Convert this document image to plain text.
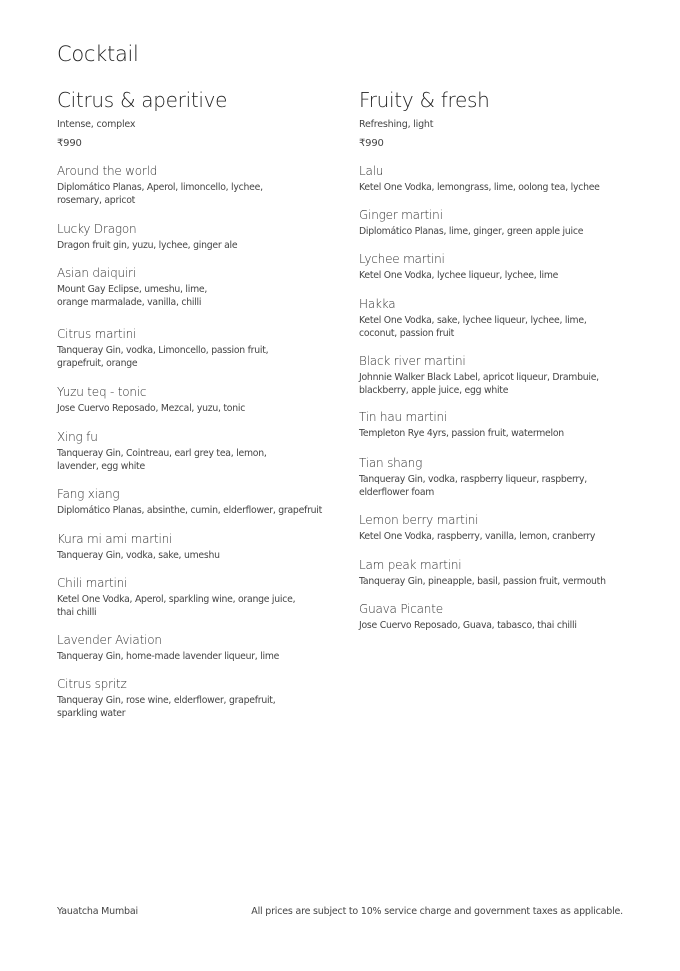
Cocktail
Citrus & aperitive
Intense, complex
₹990
Around the world
Diplomático Planas, Aperol, limoncello, lychee,
rosemary, apricot
Lucky Dragon
Dragon fruit gin, yuzu, lychee, ginger ale
Asian daiquiri
Mount Gay Eclipse, umeshu, lime,
orange marmalade, vanilla, chilli
Citrus martini
Tanqueray Gin, vodka, Limoncello, passion fruit,
grapefruit, orange
Yuzu teq - tonic
Jose Cuervo Reposado, Mezcal, yuzu, tonic
Xing fu
Tanqueray Gin, Cointreau, earl grey tea, lemon,
lavender, egg white
Fang xiang
Diplomático Planas, absinthe, cumin, elderflower, grapefruit
Kura mi ami martini
Tanqueray Gin, vodka, sake, umeshu
Chili martini
Ketel One Vodka, Aperol, sparkling wine, orange juice,
thai chilli
Lavender Aviation
Tanqueray Gin, home-made lavender liqueur, lime
Citrus spritz
Tanqueray Gin, rose wine, elderflower, grapefruit,
sparkling water
Fruity & fresh
Refreshing, light
₹990
Lalu
Ketel One Vodka, lemongrass, lime, oolong tea, lychee
Ginger martini
Diplomático Planas, lime, ginger, green apple juice
Lychee martini
Ketel One Vodka, lychee liqueur, lychee, lime
Hakka
Ketel One Vodka, sake, lychee liqueur, lychee, lime,
coconut, passion fruit
Black river martini
Johnnie Walker Black Label, apricot liqueur, Drambuie,
blackberry, apple juice, egg white
Tin hau martini
Templeton Rye 4yrs, passion fruit, watermelon
Tian shang
Tanqueray Gin, vodka, raspberry liqueur, raspberry,
elderflower foam
Lemon berry martini
Ketel One Vodka, raspberry, vanilla, lemon, cranberry
Lam peak martini
Tanqueray Gin, pineapple, basil, passion fruit, vermouth
Guava Picante
Jose Cuervo Reposado, Guava, tabasco, thai chilli
Yauatcha Mumbai	All prices are subject to 10% service charge and government taxes as applicable.
